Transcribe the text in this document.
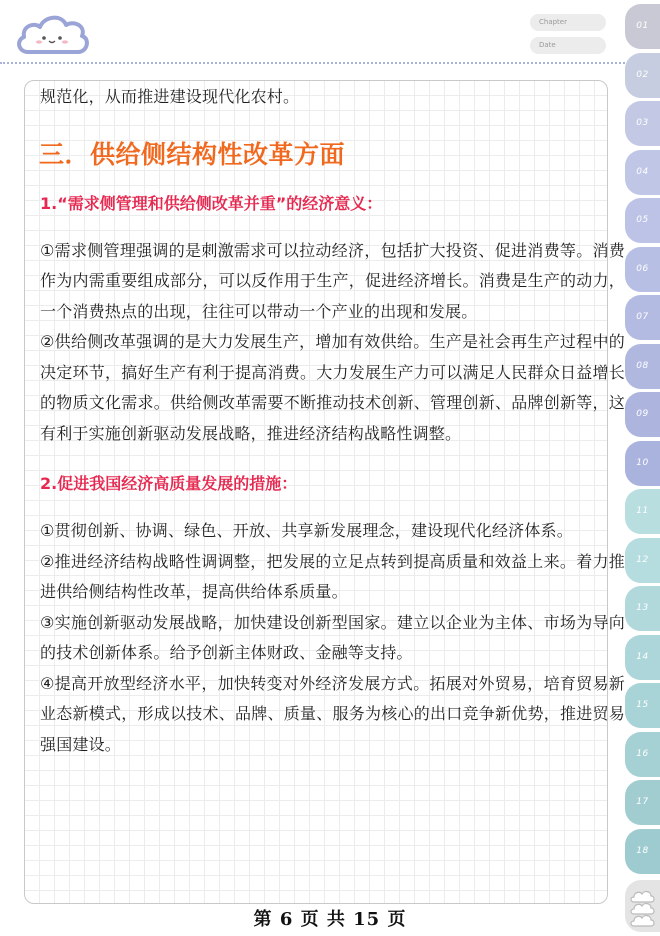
Chapter
Date

规范化，从而推进建设现代化农村。

三．供给侧结构性改革方面
1.“需求侧管理和供给侧改革并重”的经济意义：

①需求侧管理强调的是刺激需求可以拉动经济，包括扩大投资、促进消费等。消费作为内需重要组成部分，可以反作用于生产，促进经济增长。消费是生产的动力，一个消费热点的出现，往往可以带动一个产业的出现和发展。

②供给侧改革强调的是大力发展生产，增加有效供给。生产是社会再生产过程中的决定环节，搞好生产有利于提高消费。大力发展生产力可以满足人民群众日益增长的物质文化需求。供给侧改革需要不断推动技术创新、管理创新、品牌创新等，这有利于实施创新驱动发展战略，推进经济结构战略性调整。

2.促进我国经济高质量发展的措施：

①贯彻创新、协调、绿色、开放、共享新发展理念，建设现代化经济体系。

②推进经济结构战略性调调整，把发展的立足点转到提高质量和效益上来。着力推进供给侧结构性改革，提高供给体系质量。

③实施创新驱动发展战略，加快建设创新型国家。建立以企业为主体、市场为导向的技术创新体系。给予创新主体财政、金融等支持。

④提高开放型经济水平，加快转变对外经济发展方式。拓展对外贸易，培育贸易新业态新模式，形成以技术、品牌、质量、服务为核心的出口竞争新优势，推进贸易强国建设。

第 6 页 共 15 页
01
02
03
04
05
06
07
08
09
10
11
12
13
14
15
16
17
18
